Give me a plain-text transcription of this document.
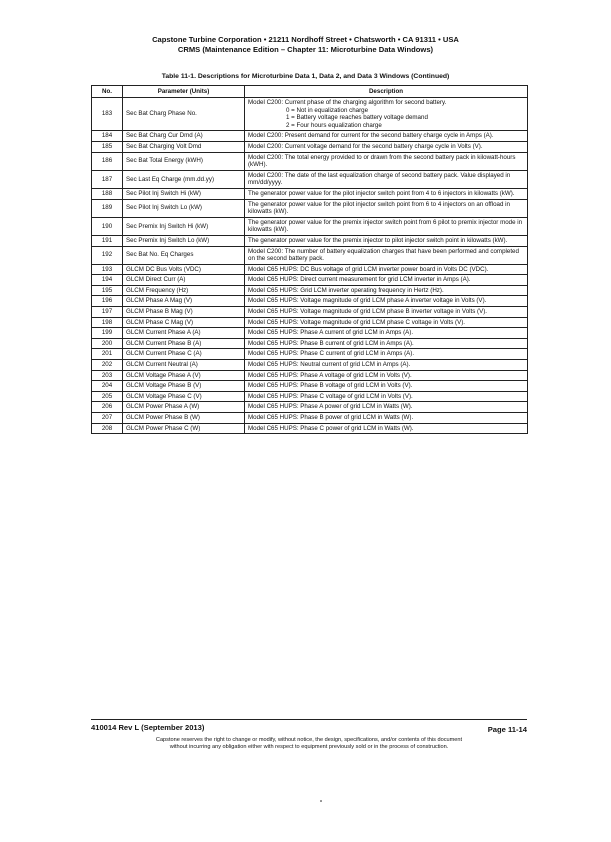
Capstone Turbine Corporation • 21211 Nordhoff Street • Chatsworth • CA 91311 • USA
CRMS (Maintenance Edition – Chapter 11: Microturbine Data Windows)
Table 11-1. Descriptions for Microturbine Data 1, Data 2, and Data 3 Windows (Continued)
No.	Parameter (Units)	Description
183	Sec Bat Charg Phase No.	Model C200: Current phase of the charging algorithm for second battery.
0 = Not in equalization charge
1 = Battery voltage reaches battery voltage demand
2 = Four hours equalization charge

184	Sec Bat Charg Cur Dmd (A)	Model C200: Present demand for current for the second battery charge cycle in Amps (A).
185	Sec Bat Charging Volt Dmd	Model C200: Current voltage demand for the second battery charge cycle in Volts (V).
186	Sec Bat Total Energy (kWH)	Model C200: The total energy provided to or drawn from the second battery pack in kilowatt-hours (kWH).
187	Sec Last Eq Charge (mm.dd.yy)	Model C200: The date of the last equalization charge of second battery pack. Value displayed in mm/dd/yyyy.
188	Sec Pilot Inj Switch Hi (kW)	The generator power value for the pilot injector switch point from 4 to 6 injectors in kilowatts (kW).
189	Sec Pilot Inj Switch Lo (kW)	The generator power value for the pilot injector switch point from 6 to 4 injectors on an offload in kilowatts (kW).
190	Sec Premix Inj Switch Hi (kW)	The generator power value for the premix injector switch point from 6 pilot to premix injector mode in kilowatts (kW).
191	Sec Premix Inj Switch Lo (kW)	The generator power value for the premix injector to pilot injector switch point in kilowatts (kW).
192	Sec Bat No. Eq Charges	Model C200: The number of battery equalization charges that have been performed and completed on the second battery pack.
193	GLCM DC Bus Volts (VDC)	Model C65 HUPS: DC Bus voltage of grid LCM inverter power board in Volts DC (VDC).
194	GLCM Direct Curr (A)	Model C65 HUPS: Direct current measurement for grid LCM inverter in Amps (A).
195	GLCM Frequency (Hz)	Model C65 HUPS: Grid LCM inverter operating frequency in Hertz (Hz).
196	GLCM Phase A Mag (V)	Model C65 HUPS: Voltage magnitude of grid LCM phase A inverter voltage in Volts (V).
197	GLCM Phase B Mag (V)	Model C65 HUPS: Voltage magnitude of grid LCM phase B inverter voltage in Volts (V).
198	GLCM Phase C Mag (V)	Model C65 HUPS: Voltage magnitude of grid LCM phase C voltage in Volts (V).
199	GLCM Current Phase A (A)	Model C65 HUPS: Phase A current of grid LCM in Amps (A).
200	GLCM Current Phase B (A)	Model C65 HUPS: Phase B current of grid LCM in Amps (A).
201	GLCM Current Phase C (A)	Model C65 HUPS: Phase C current of grid LCM in Amps (A).
202	GLCM Current Neutral (A)	Model C65 HUPS: Neutral current of grid LCM in Amps (A).
203	GLCM Voltage Phase A (V)	Model C65 HUPS: Phase A voltage of grid LCM in Volts (V).
204	GLCM Voltage Phase B (V)	Model C65 HUPS: Phase B voltage of grid LCM in Volts (V).
205	GLCM Voltage Phase C (V)	Model C65 HUPS: Phase C voltage of grid LCM in Volts (V).
206	GLCM Power Phase A (W)	Model C65 HUPS: Phase A power of grid LCM in Watts (W).
207	GLCM Power Phase B (W)	Model C65 HUPS: Phase B power of grid LCM in Watts (W).
208	GLCM Power Phase C (W)	Model C65 HUPS: Phase C power of grid LCM in Watts (W).
410014 Rev L (September 2013)	Page 11-14
Capstone reserves the right to change or modify, without notice, the design, specifications, and/or contents of this document
without incurring any obligation either with respect to equipment previously sold or in the process of construction.
